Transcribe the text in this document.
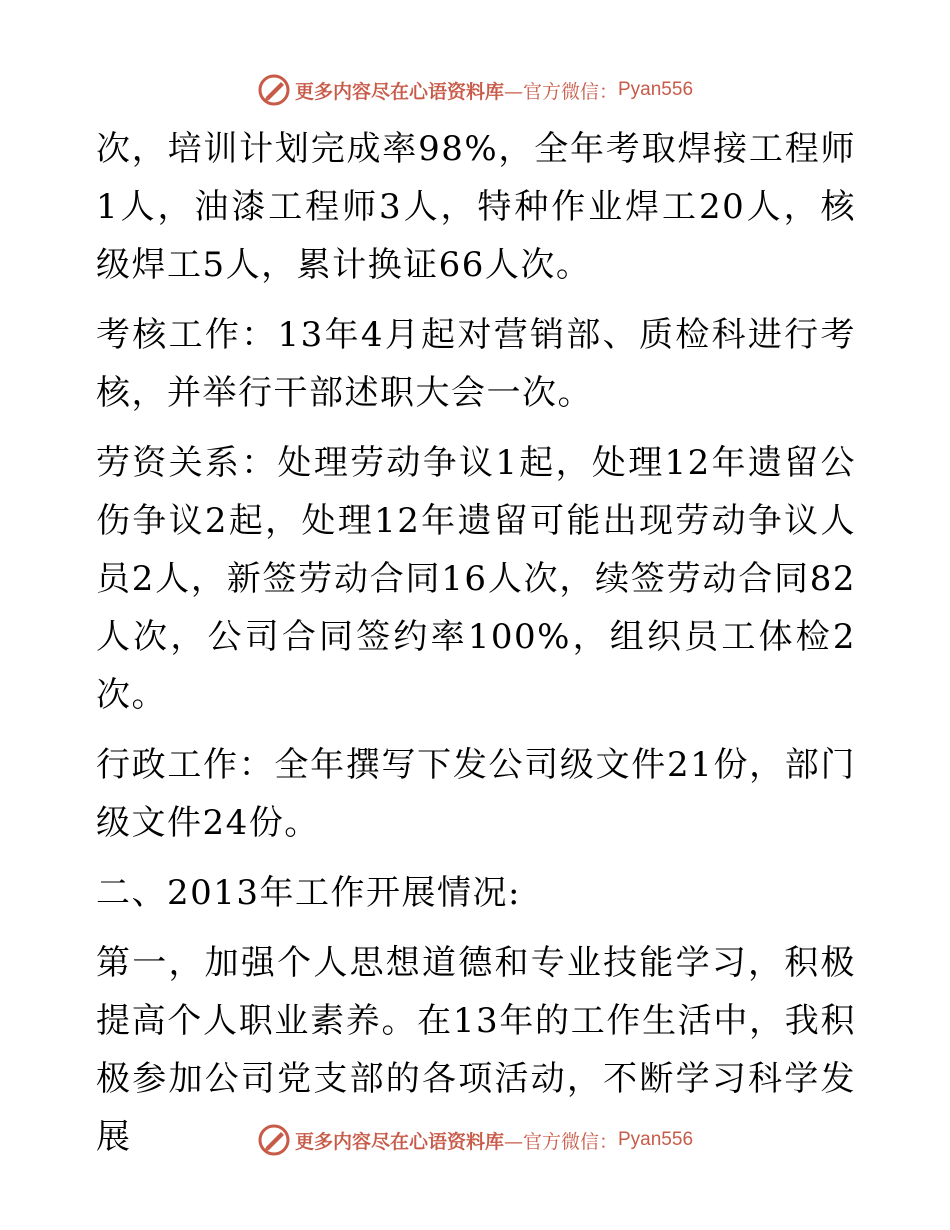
更多内容尽在心语资料库 —官方微信： Pyan556

次，培训计划完成率98%，全年考取焊接工程师1人，油漆工程师3人，特种作业焊工20人，核级焊工5人，累计换证66人次。

考核工作：13年4月起对营销部、质检科进行考核，并举行干部述职大会一次。

劳资关系：处理劳动争议1起，处理12年遗留公伤争议2起，处理12年遗留可能出现劳动争议人员2人，新签劳动合同16人次，续签劳动合同82人次，公司合同签约率100%，组织员工体检2次。

行政工作：全年撰写下发公司级文件21份，部门级文件24份。

二、2013年工作开展情况:

第一，加强个人思想道德和专业技能学习，积极提高个人职业素养。在13年的工作生活中，我积极参加公司党支部的各项活动，不断学习科学发展	更多内容尽在心语资料库 —官方微信： Pyan556
